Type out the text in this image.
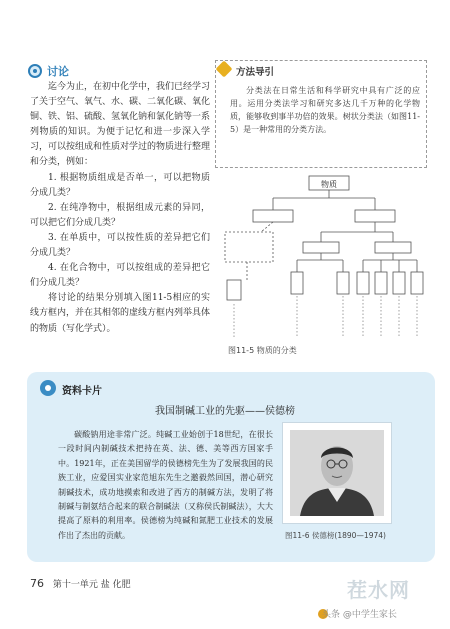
讨论

迄今为止，在初中化学中，我们已经学习了关于空气、氧气、水、碳、二氧化碳、氧化铜、铁、铝、硫酸、氢氧化钠和氯化钠等一系列物质的知识。为便于记忆和进一步深入学习，可以按组成和性质对学过的物质进行整理和分类，例如：

1. 根据物质组成是否单一，可以把物质分成几类？

2. 在纯净物中，根据组成元素的异同，可以把它们分成几类？

3. 在单质中，可以按性质的差异把它们分成几类？

4. 在化合物中，可以按组成的差异把它们分成几类？

将讨论的结果分别填入图11-5相应的实线方框内，并在其相邻的虚线方框内列举具体的物质（写化学式）。

方法导引

分类法在日常生活和科学研究中具有广泛的应用。运用分类法学习和研究多达几千万种的化学物质，能够收到事半功倍的效果。树状分类法（如图11-5）是一种常用的分类方法。

物质
图11-5 物质的分类
资料卡片
我国制碱工业的先驱——侯德榜

碳酸钠用途非常广泛。纯碱工业始创于18世纪，在很长一段时间内制碱技术把持在英、法、德、美等西方国家手中。1921年，正在美国留学的侯德榜先生为了发展我国的民族工业，应爱国实业家范旭东先生之邀毅然回国，潜心研究制碱技术，成功地摸索和改进了西方的制碱方法，发明了将制碱与制氨结合起来的联合制碱法（又称侯氏制碱法），大大提高了原料的利用率。侯德榜为纯碱和氮肥工业技术的发展作出了杰出的贡献。	图11-6 侯德榜(1890—1974)
76 第十一单元 盐 化肥	茬水网
头条 @中学生家长
